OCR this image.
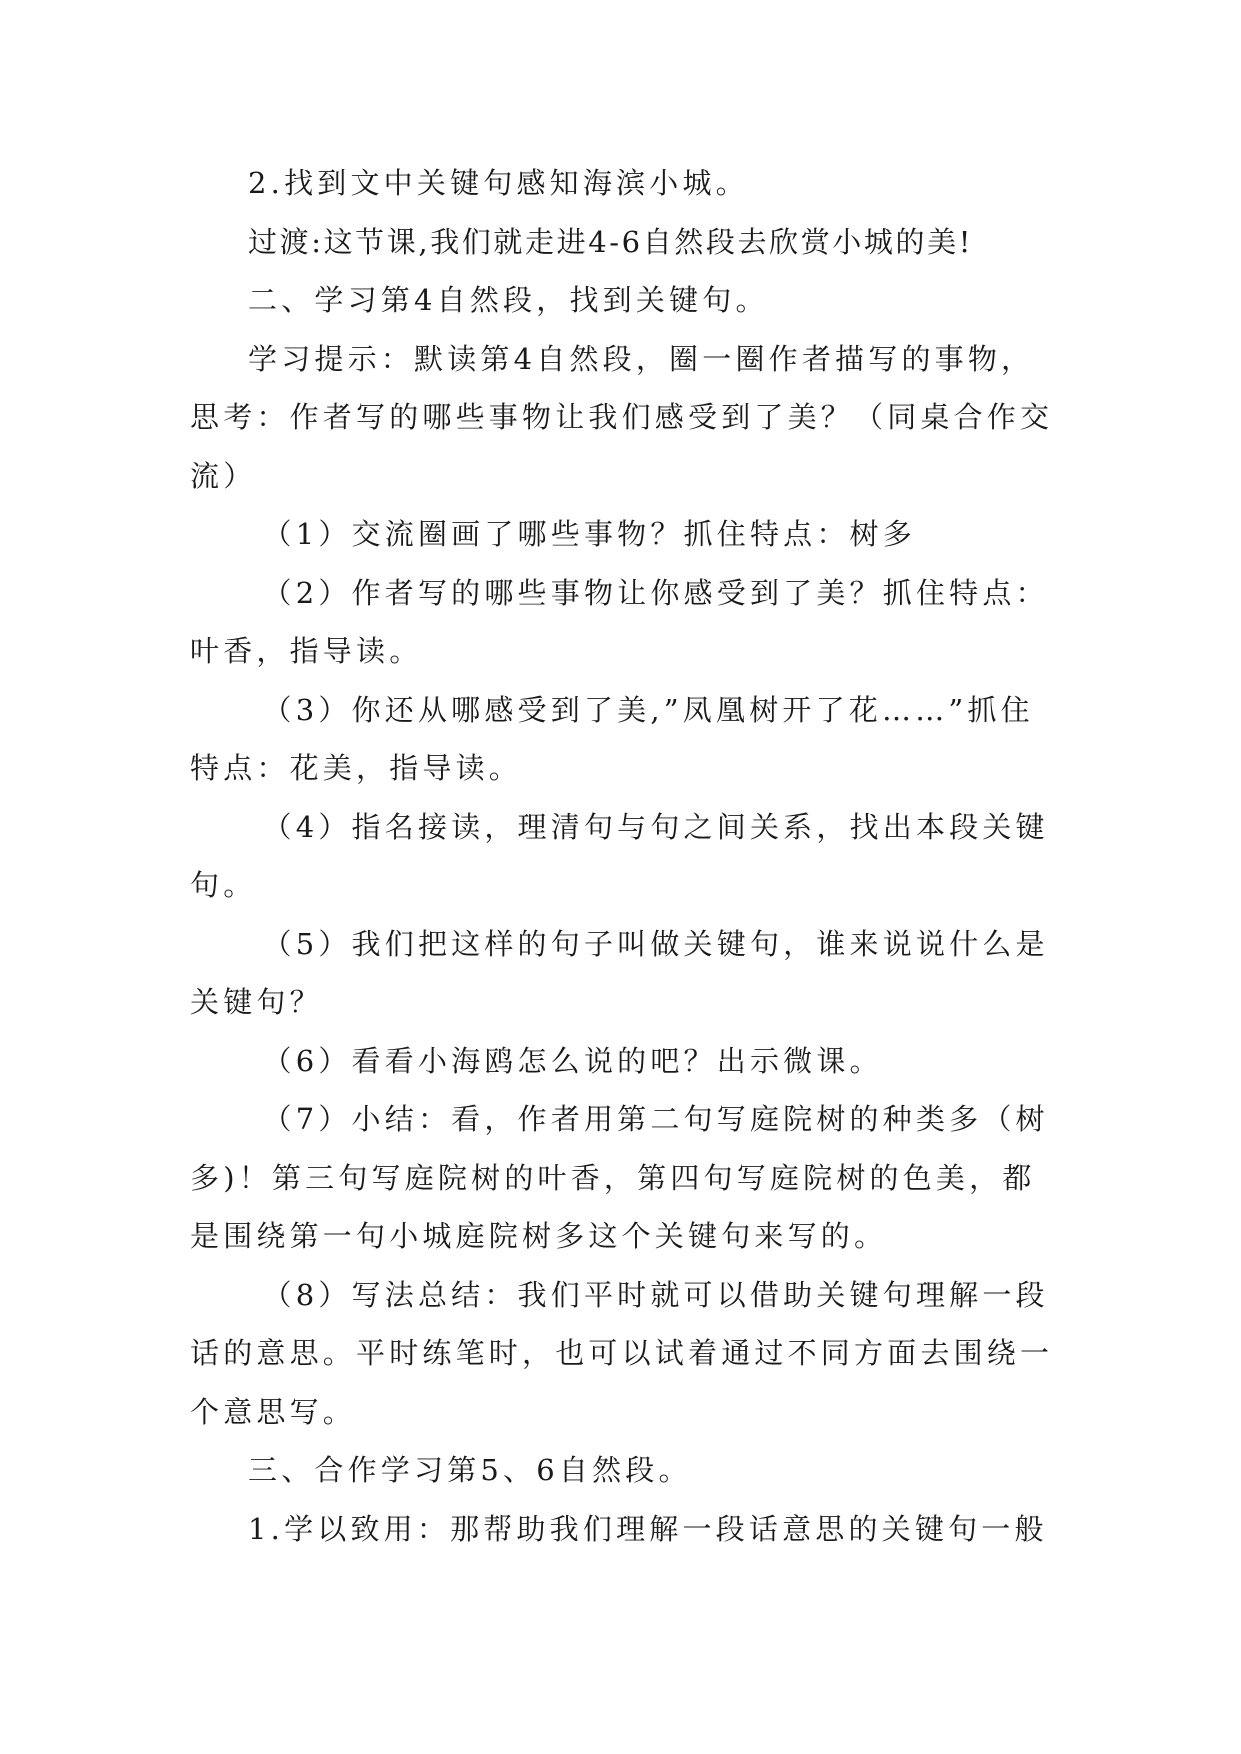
2.找到文中关键句感知海滨小城。

过渡:这节课,我们就走进4-6自然段去欣赏小城的美!

二、学习第4自然段，找到关键句。

学习提示：默读第4自然段，圈一圈作者描写的事物，思考：作者写的哪些事物让我们感受到了美？（同桌合作交流）

（1）交流圈画了哪些事物？抓住特点：树多

（2）作者写的哪些事物让你感受到了美？抓住特点：叶香，指导读。

（3）你还从哪感受到了美,”凤凰树开了花……”抓住特点：花美，指导读。

（4）指名接读，理清句与句之间关系，找出本段关键句。

（5）我们把这样的句子叫做关键句，谁来说说什么是关键句？

（6）看看小海鸥怎么说的吧？出示微课。

（7）小结：看，作者用第二句写庭院树的种类多（树多)！第三句写庭院树的叶香，第四句写庭院树的色美，都是围绕第一句小城庭院树多这个关键句来写的。

（8）写法总结：我们平时就可以借助关键句理解一段话的意思。平时练笔时，也可以试着通过不同方面去围绕一个意思写。

三、合作学习第5、6自然段。

1.学以致用：那帮助我们理解一段话意思的关键句一般
